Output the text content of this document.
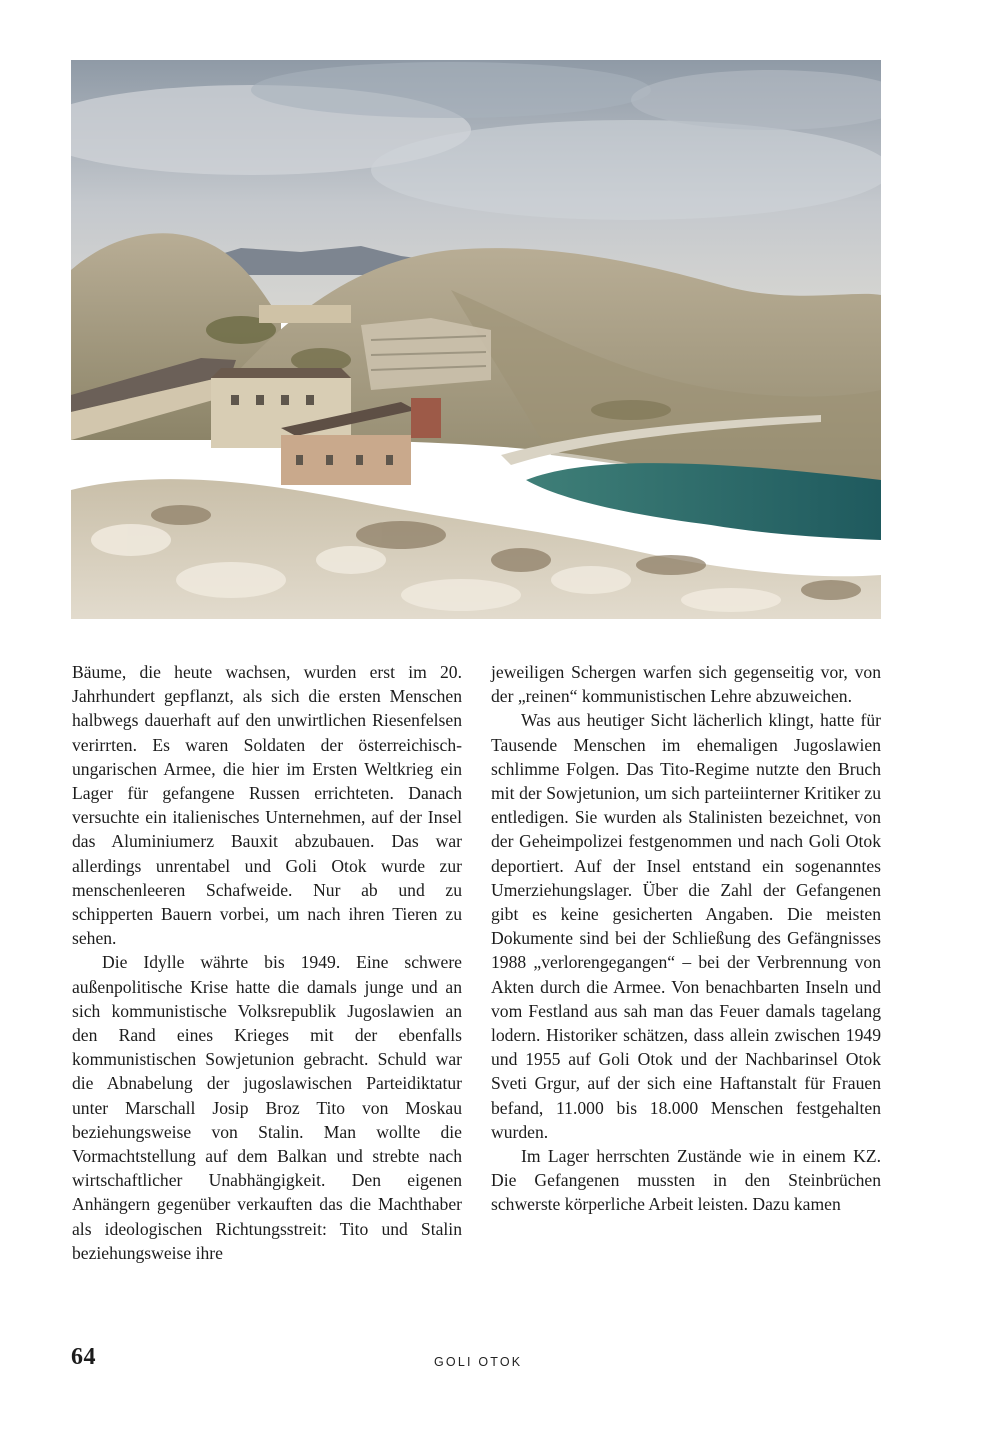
Bäume, die heute wachsen, wurden erst im 20. Jahrhundert gepflanzt, als sich die ersten Menschen halbwegs dauerhaft auf den unwirtlichen Riesenfelsen verirrten. Es waren Soldaten der österreichisch-ungarischen Armee, die hier im Ersten Weltkrieg ein Lager für gefangene Russen errichteten. Danach versuchte ein italienisches Unternehmen, auf der Insel das Aluminiumerz Bauxit abzubauen. Das war allerdings unrentabel und Goli Otok wurde zur menschenleeren Schafweide. Nur ab und zu schipperten Bauern vorbei, um nach ihren Tieren zu sehen.

Die Idylle währte bis 1949. Eine schwere außenpolitische Krise hatte die damals junge und an sich kommunistische Volksrepublik Jugoslawien an den Rand eines Krieges mit der ebenfalls kommunistischen Sowjetunion gebracht. Schuld war die Abnabelung der jugoslawischen Parteidiktatur unter Marschall Josip Broz Tito von Moskau beziehungsweise von Stalin. Man wollte die Vormachtstellung auf dem Balkan und strebte nach wirtschaftlicher Unabhängigkeit. Den eigenen Anhängern gegenüber verkauften das die Machthaber als ideologischen Richtungsstreit: Tito und Stalin beziehungsweise ihre

jeweiligen Schergen warfen sich gegenseitig vor, von der „reinen“ kommunistischen Lehre abzuweichen.

Was aus heutiger Sicht lächerlich klingt, hatte für Tausende Menschen im ehemaligen Jugoslawien schlimme Folgen. Das Tito-Regime nutzte den Bruch mit der Sowjetunion, um sich parteiinterner Kritiker zu entledigen. Sie wurden als Stalinisten bezeichnet, von der Geheimpolizei festgenommen und nach Goli Otok deportiert. Auf der Insel entstand ein sogenanntes Umerziehungslager. Über die Zahl der Gefangenen gibt es keine gesicherten Angaben. Die meisten Dokumente sind bei der Schließung des Gefängnisses 1988 „verlorengegangen“ – bei der Verbrennung von Akten durch die Armee. Von benachbarten Inseln und vom Festland aus sah man das Feuer damals tagelang lodern. Historiker schätzen, dass allein zwischen 1949 und 1955 auf Goli Otok und der Nachbarinsel Otok Sveti Grgur, auf der sich eine Haftanstalt für Frauen befand, 11.000 bis 18.000 Menschen festgehalten wurden.

Im Lager herrschten Zustände wie in einem KZ. Die Gefangenen mussten in den Steinbrüchen schwerste körperliche Arbeit leisten. Dazu kamen

64	GOLI OTOK
